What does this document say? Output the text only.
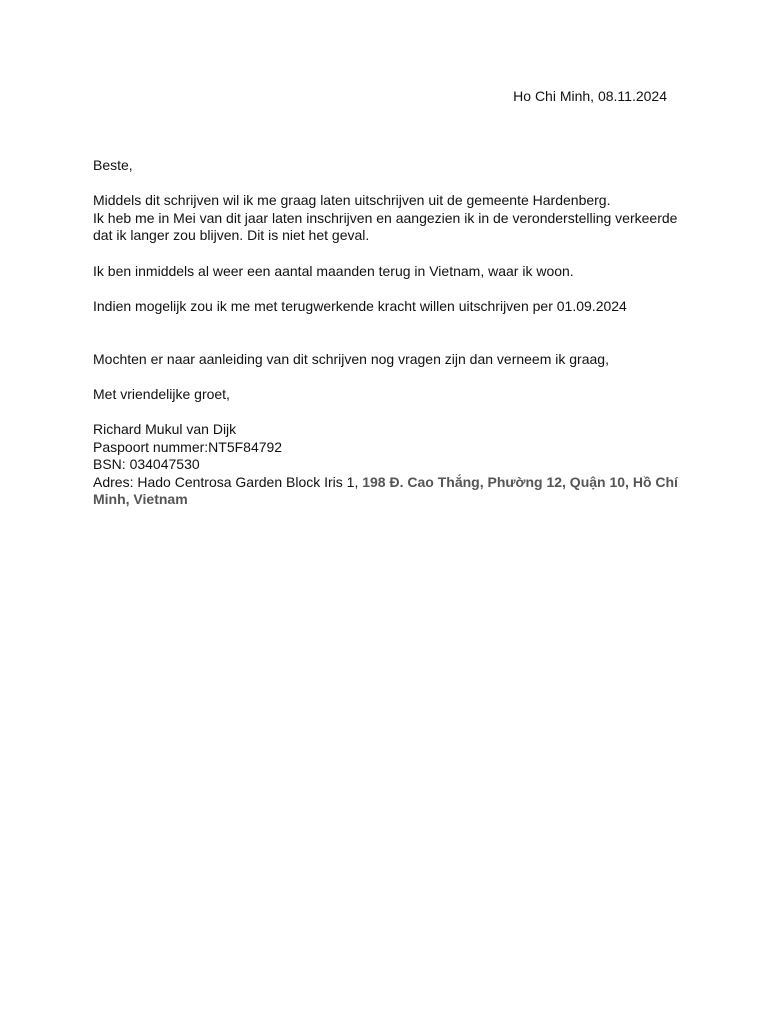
Ho Chi Minh, 08.11.2024

Beste,

Middels dit schrijven wil ik me graag laten uitschrijven uit de gemeente Hardenberg.

Ik heb me in Mei van dit jaar laten inschrijven en aangezien ik in de veronderstelling verkeerde dat ik langer zou blijven. Dit is niet het geval.

Ik ben inmiddels al weer een aantal maanden terug in Vietnam, waar ik woon.

Indien mogelijk zou ik me met terugwerkende kracht willen uitschrijven per 01.09.2024

Mochten er naar aanleiding van dit schrijven nog vragen zijn dan verneem ik graag,

Met vriendelijke groet,

Richard Mukul van Dijk

Paspoort nummer:NT5F84792

BSN: 034047530

Adres: Hado Centrosa Garden Block Iris 1, 198 Đ. Cao Thắng, Phường 12, Quận 10, Hồ Chí Minh, Vietnam
